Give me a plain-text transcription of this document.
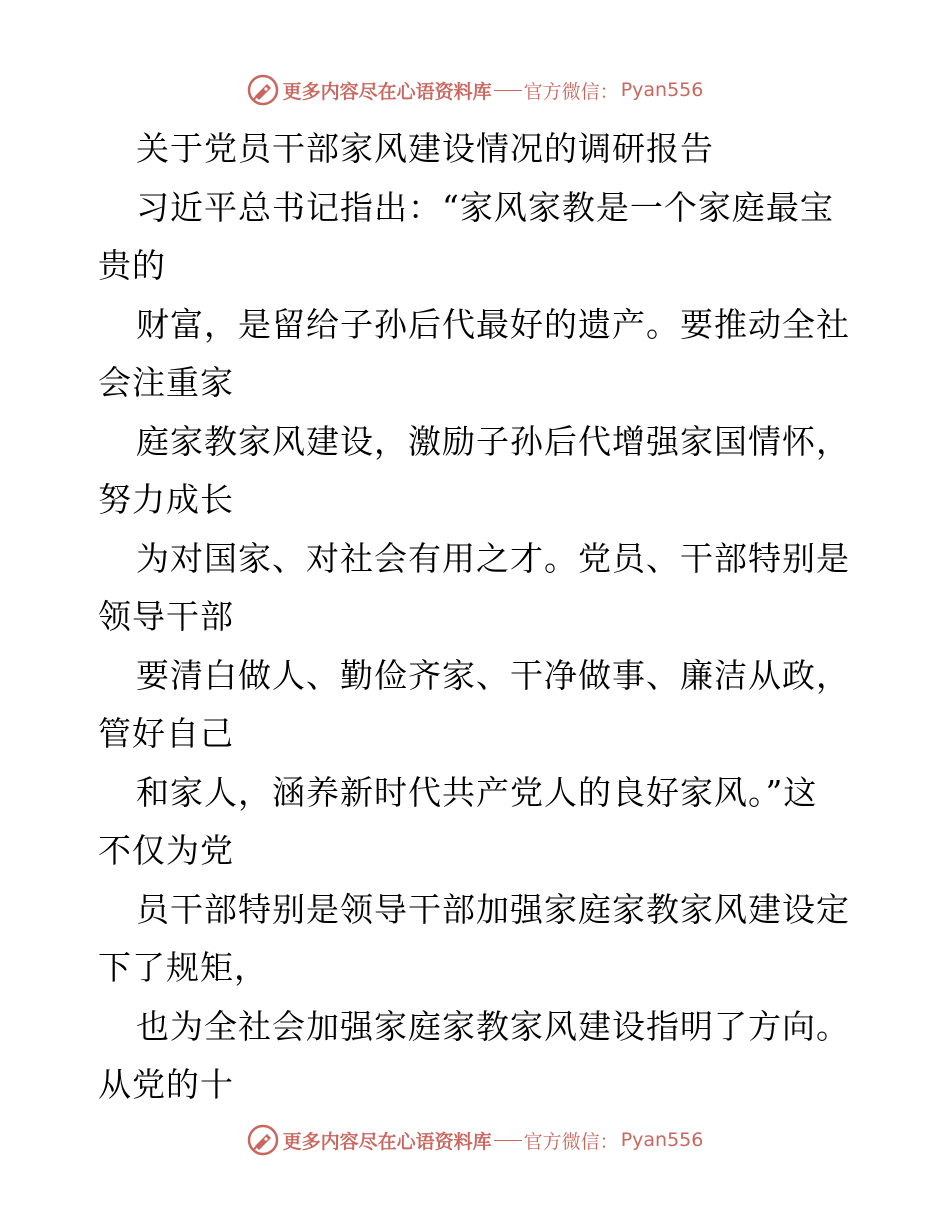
更多内容尽在心语资料库 官方微信： Pyan556
关于党员干部家风建设情况的调研报告
习近平总书记指出：“家风家教是一个家庭最宝
贵的
财富，是留给子孙后代最好的遗产。要推动全社
会注重家
庭家教家风建设，激励子孙后代增强家国情怀，
努力成长
为对国家、对社会有用之才。党员、干部特别是
领导干部
要清白做人、勤俭齐家、干净做事、廉洁从政，
管好自己
和家人，涵养新时代共产党人的良好家风。”这
不仅为党
员干部特别是领导干部加强家庭家教家风建设定
下了规矩，
也为全社会加强家庭家教家风建设指明了方向。
从党的十
更多内容尽在心语资料库 官方微信： Pyan556
